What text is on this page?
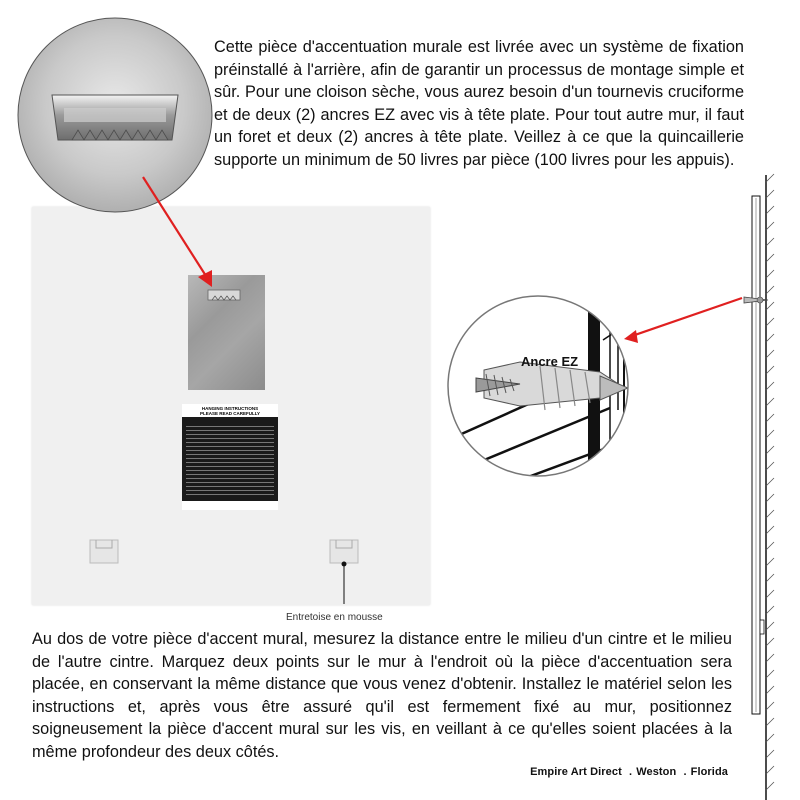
Cette pièce d'accentuation murale est livrée avec un système de fixation préinstallé à l'arrière, afin de garantir un processus de montage simple et sûr. Pour une cloison sèche, vous aurez besoin d'un tournevis cruciforme et de deux (2) ancres EZ avec vis à tête plate. Pour tout autre mur, il faut un foret et deux (2) ancres à tête plate. Veillez à ce que la quincaillerie supporte un minimum de 50 livres par pièce (100 livres pour les appuis).
HANGING INSTRUCTIONS
PLEASE READ CAREFULLY
Entretoise en mousse
Ancre EZ
Au dos de votre pièce d'accent mural, mesurez la distance entre le milieu d'un cintre et le milieu de l'autre cintre. Marquez deux points sur le mur à l'endroit où la pièce d'accentuation sera placée, en conservant la même distance que vous venez d'obtenir. Installez le matériel selon les instructions et, après vous être assuré qu'il est fermement fixé au mur, positionnez soigneusement la pièce d'accent mural sur les vis, en veillant à ce qu'elles soient placées à la même profondeur des deux côtés.
Empire Art Direct . Weston . Florida
